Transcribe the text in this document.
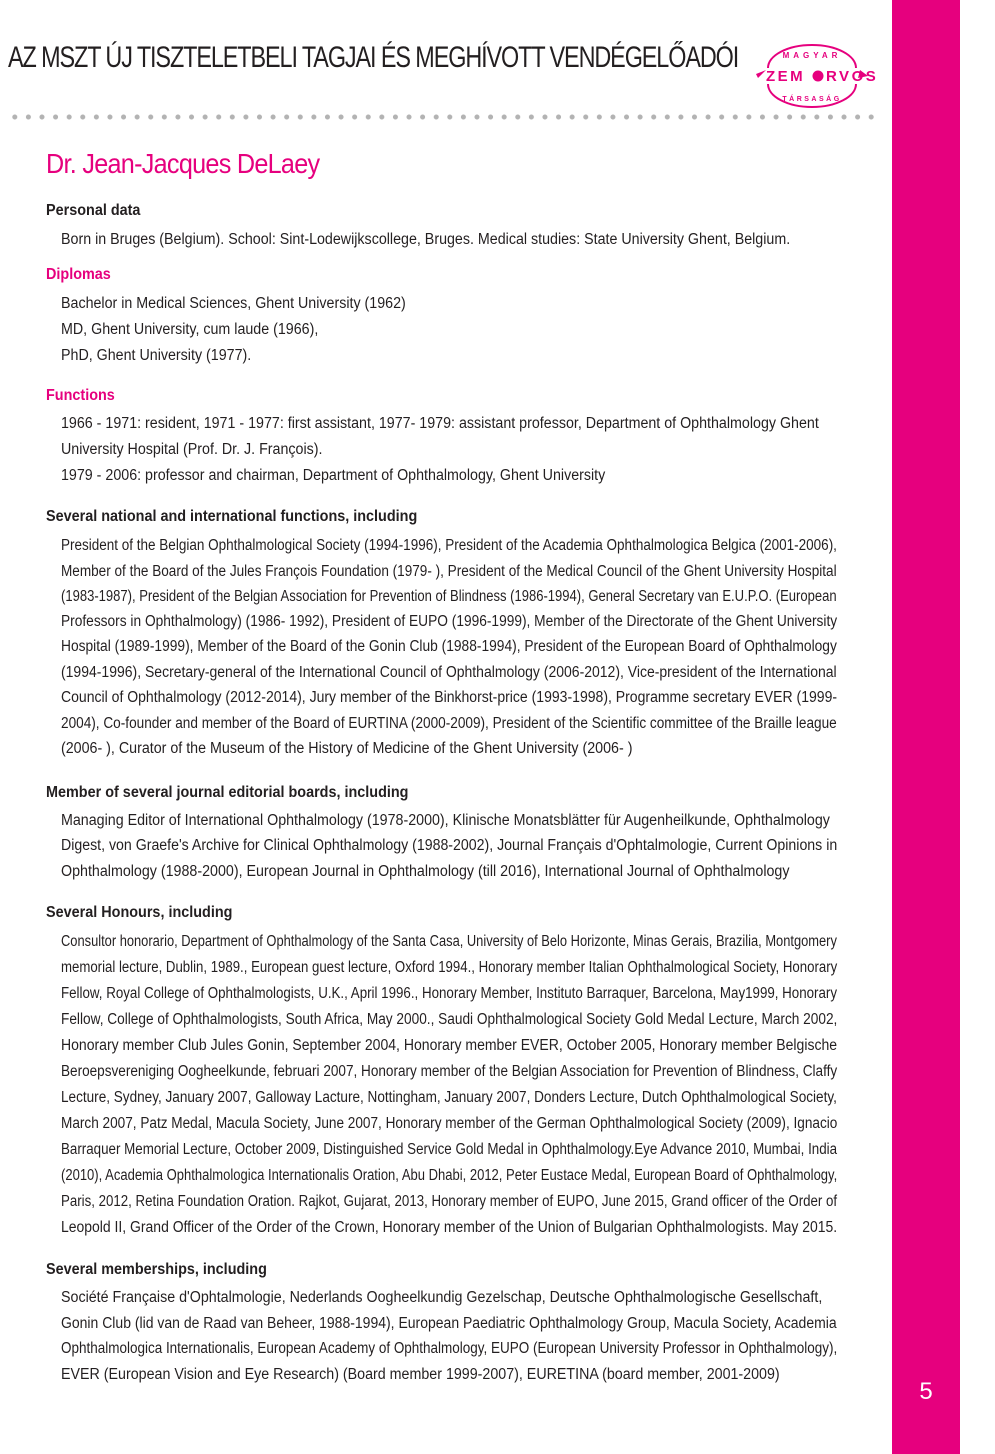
5
AZ MSZT ÚJ TISZTELETBELI TAGJAI ÉS MEGHÍVOTT VENDÉGELŐADÓI	MAGYAR
ZEM RVOS
TÁRSASÁG
Dr. Jean-Jacques DeLaey
Personal data
Born in Bruges (Belgium). School: Sint-Lodewijkscollege, Bruges. Medical studies: State University Ghent, Belgium.
Diplomas
Bachelor in Medical Sciences, Ghent University (1962)
MD, Ghent University, cum laude (1966),
PhD, Ghent University (1977).
Functions
1966 - 1971: resident, 1971 - 1977: first assistant, 1977- 1979: assistant professor, Department of Ophthalmology Ghent
University Hospital (Prof. Dr. J. François).
1979 - 2006: professor and chairman, Department of Ophthalmology, Ghent University
Several national and international functions, including
President of the Belgian Ophthalmological Society (1994-1996), President of the Academia Ophthalmologica Belgica (2001-2006),
Member of the Board of the Jules François Foundation (1979- ), President of the Medical Council of the Ghent University Hospital
(1983-1987), President of the Belgian Association for Prevention of Blindness (1986-1994), General Secretary van E.U.P.O. (European
Professors in Ophthalmology) (1986- 1992), President of EUPO (1996-1999), Member of the Directorate of the Ghent University
Hospital (1989-1999), Member of the Board of the Gonin Club (1988-1994), President of the European Board of Ophthalmology
(1994-1996), Secretary-general of the International Council of Ophthalmology (2006-2012), Vice-president of the International
Council of Ophthalmology (2012-2014), Jury member of the Binkhorst-price (1993-1998), Programme secretary EVER (1999-
2004), Co-founder and member of the Board of EURTINA (2000-2009), President of the Scientific committee of the Braille league
(2006- ), Curator of the Museum of the History of Medicine of the Ghent University (2006- )
Member of several journal editorial boards, including
Managing Editor of International Ophthalmology (1978-2000), Klinische Monatsblätter für Augenheilkunde, Ophthalmology
Digest, von Graefe's Archive for Clinical Ophthalmology (1988-2002), Journal Français d'Ophtalmologie, Current Opinions in
Ophthalmology (1988-2000), European Journal in Ophthalmology (till 2016), International Journal of Ophthalmology
Several Honours, including
Consultor honorario, Department of Ophthalmology of the Santa Casa, University of Belo Horizonte, Minas Gerais, Brazilia, Montgomery
memorial lecture, Dublin, 1989., European guest lecture, Oxford 1994., Honorary member Italian Ophthalmological Society, Honorary
Fellow, Royal College of Ophthalmologists, U.K., April 1996., Honorary Member, Instituto Barraquer, Barcelona, May1999, Honorary
Fellow, College of Ophthalmologists, South Africa, May 2000., Saudi Ophthalmological Society Gold Medal Lecture, March 2002,
Honorary member Club Jules Gonin, September 2004, Honorary member EVER, October 2005, Honorary member Belgische
Beroepsvereniging Oogheelkunde, februari 2007, Honorary member of the Belgian Association for Prevention of Blindness, Claffy
Lecture, Sydney, January 2007, Galloway Lacture, Nottingham, January 2007, Donders Lecture, Dutch Ophthalmological Society,
March 2007, Patz Medal, Macula Society, June 2007, Honorary member of the German Ophthalmological Society (2009), Ignacio
Barraquer Memorial Lecture, October 2009, Distinguished Service Gold Medal in Ophthalmology.Eye Advance 2010, Mumbai, India
(2010), Academia Ophthalmologica Internationalis Oration, Abu Dhabi, 2012, Peter Eustace Medal, European Board of Ophthalmology,
Paris, 2012, Retina Foundation Oration. Rajkot, Gujarat, 2013, Honorary member of EUPO, June 2015, Grand officer of the Order of
Leopold II, Grand Officer of the Order of the Crown, Honorary member of the Union of Bulgarian Ophthalmologists. May 2015.
Several memberships, including
Société Française d'Ophtalmologie, Nederlands Oogheelkundig Gezelschap, Deutsche Ophthalmologische Gesellschaft,
Gonin Club (lid van de Raad van Beheer, 1988-1994), European Paediatric Ophthalmology Group, Macula Society, Academia
Ophthalmologica Internationalis, European Academy of Ophthalmology, EUPO (European University Professor in Ophthalmology),
EVER (European Vision and Eye Research) (Board member 1999-2007), EURETINA (board member, 2001-2009)
